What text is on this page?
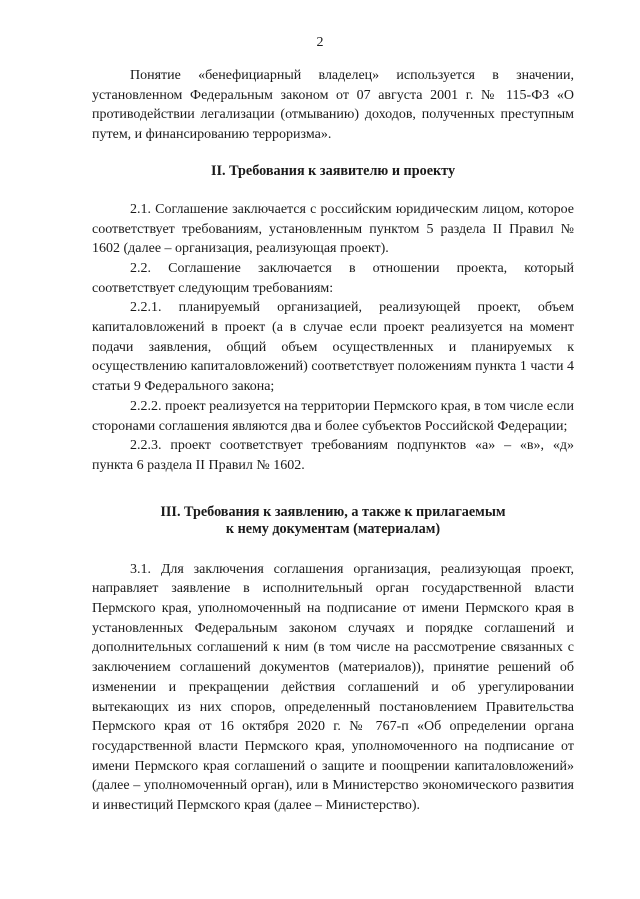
2

Понятие «бенефициарный владелец» используется в значении, установленном Федеральным законом от 07 августа 2001 г. № 115-ФЗ «О противодействии легализации (отмыванию) доходов, полученных преступным путем, и финансированию терроризма».

II. Требования к заявителю и проекту

2.1. Соглашение заключается с российским юридическим лицом, которое соответствует требованиям, установленным пунктом 5 раздела II Правил № 1602 (далее – организация, реализующая проект).

2.2. Соглашение заключается в отношении проекта, который соответствует следующим требованиям:

2.2.1. планируемый организацией, реализующей проект, объем капиталовложений в проект (а в случае если проект реализуется на момент подачи заявления, общий объем осуществленных и планируемых к осуществлению капиталовложений) соответствует положениям пункта 1 части 4 статьи 9 Федерального закона;

2.2.2. проект реализуется на территории Пермского края, в том числе если сторонами соглашения являются два и более субъектов Российской Федерации;

2.2.3. проект соответствует требованиям подпунктов «а» – «в», «д» пункта 6 раздела II Правил № 1602.

III. Требования к заявлению, а также к прилагаемым
к нему документам (материалам)

3.1. Для заключения соглашения организация, реализующая проект, направляет заявление в исполнительный орган государственной власти Пермского края, уполномоченный на подписание от имени Пермского края в установленных Федеральным законом случаях и порядке соглашений и дополнительных соглашений к ним (в том числе на рассмотрение связанных с заключением соглашений документов (материалов)), принятие решений об изменении и прекращении действия соглашений и об урегулировании вытекающих из них споров, определенный постановлением Правительства Пермского края от 16 октября 2020 г. № 767-п «Об определении органа государственной власти Пермского края, уполномоченного на подписание от имени Пермского края соглашений о защите и поощрении капиталовложений» (далее – уполномоченный орган), или в Министерство экономического развития и инвестиций Пермского края (далее – Министерство).
